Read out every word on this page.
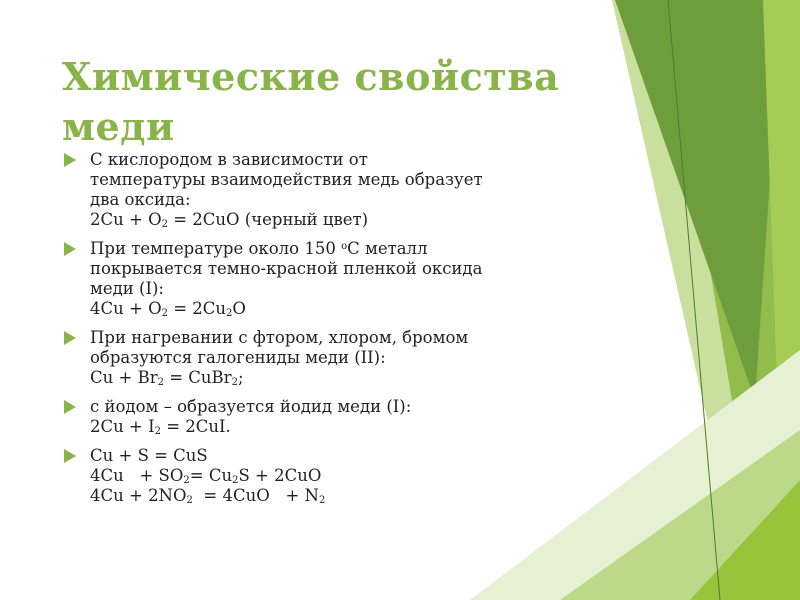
Химические свойства
меди
С кислородом в зависимости от
температуры взаимодействия медь образует
два оксида:
$2Cu + O_2 = 2CuO$ (черный цвет)
При температуре около 150 $^о$С металл
покрывается темно-красной пленкой оксида
меди (I):
$4Cu + O_2 = 2Cu_2O$
При нагревании с фтором, хлором, бромом
образуются галогениды меди (II):
$Cu + Br_2$ = CuBr$_2$;
с йодом – образуется йодид меди (I):
$2Cu + I_2 = 2CuI$.
Cu + S = CuS
$4Cu + SO_2= Cu_2S + 2CuO$
$4Cu + 2NO_2 = 4CuO + N_2$
